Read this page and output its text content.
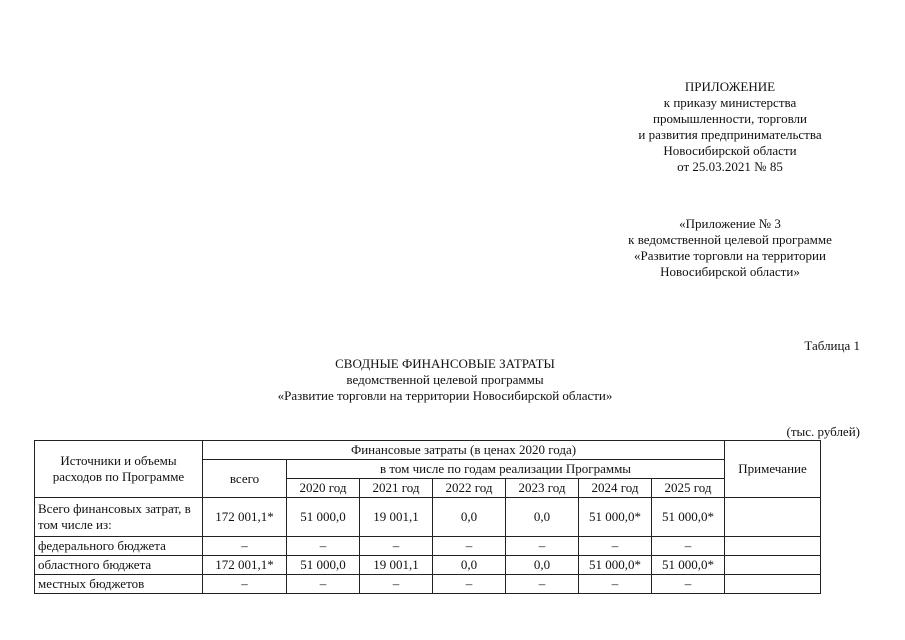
ПРИЛОЖЕНИЕ
к приказу министерства
промышленности, торговли
и развития предпринимательства
Новосибирской области
от 25.03.2021 № 85
«Приложение № 3
к ведомственной целевой программе
«Развитие торговли на территории
Новосибирской области»
Таблица 1
СВОДНЫЕ ФИНАНСОВЫЕ ЗАТРАТЫ
ведомственной целевой программы
«Развитие торговли на территории Новосибирской области»
(тыс. рублей)
Источники и объемы расходов по Программе	Финансовые затраты (в ценах 2020 года)							Примечание
	всего	в том числе по годам реализации Программы						
		2020 год	2021 год	2022 год	2023 год	2024 год	2025 год	
Всего финансовых затрат, в том числе из:	172 001,1*	51 000,0	19 001,1	0,0	0,0	51 000,0*	51 000,0*	
федерального бюджета	–	–	–	–	–	–	–	
областного бюджета	172 001,1*	51 000,0	19 001,1	0,0	0,0	51 000,0*	51 000,0*	
местных бюджетов	–	–	–	–	–	–	–	
